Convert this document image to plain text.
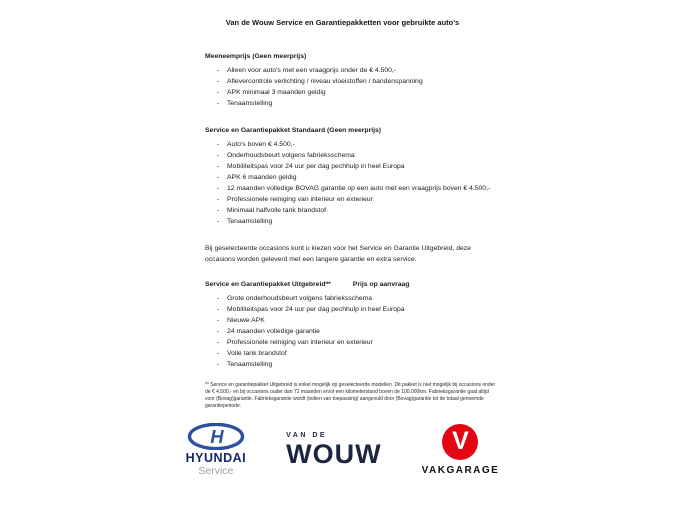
Van de Wouw Service en Garantiepakketten voor gebruikte auto's
Meeneemprijs (Geen meerprijs)
- Alleen voor auto's met een vraagprijs onder de € 4.500,-
- Aflevercontrole verlichting / niveau vloeistoffen / bandenspanning
- APK minimaal 3 maanden geldig
- Tenaamstelling
Service en Garantiepakket Standaard (Geen meerprijs)
- Auto's boven € 4.500,-
- Onderhoudsbeurt volgens fabrieksschema
- Mobiliteitspas voor 24 uur per dag pechhulp in heel Europa
- APK 6 maanden geldig
- 12 maanden volledige BOVAG garantie op een auto met een vraagprijs boven € 4.500,-
- Professionele reiniging van interieur en exterieur
- Minimaal halfvolle tank brandstof
- Tenaamstelling

Bij geselecteerde occasions kunt u kiezen voor het Service en Garantie Uitgebreid, deze occasions worden geleverd met een langere garantie en extra service.

Service en Garantiepakket Uitgebreid**	Prijs op aanvraag
- Grote onderhoudsbeurt volgens fabrieksschema
- Mobiliteitspas voor 24 uur per dag pechhulp in heel Europa
- Nieuwe APK
- 24 maanden volledige garantie
- Professionele reiniging van interieur en exterieur
- Volle tank brandstof
- Tenaamstelling

** Service en garantiepakket Uitgebreid is enkel mogelijk op geselecteerde modellen. Dit pakket is niet mogelijk bij occasions onder de € 4.500,- en bij occasions ouder dan 72 maanden en/of een kilometerstand boven de 100.000km. Fabrieksgarantie gaat altijd voor (Bovag)garantie. Fabrieksgarantie wordt (indien van toepassing) aangevuld door (Bovag)garantie tot de totaal genoemde garantieperiode.

H
HYUNDAI
Service
VAN DE
WOUW	V
VAKGARAGE
